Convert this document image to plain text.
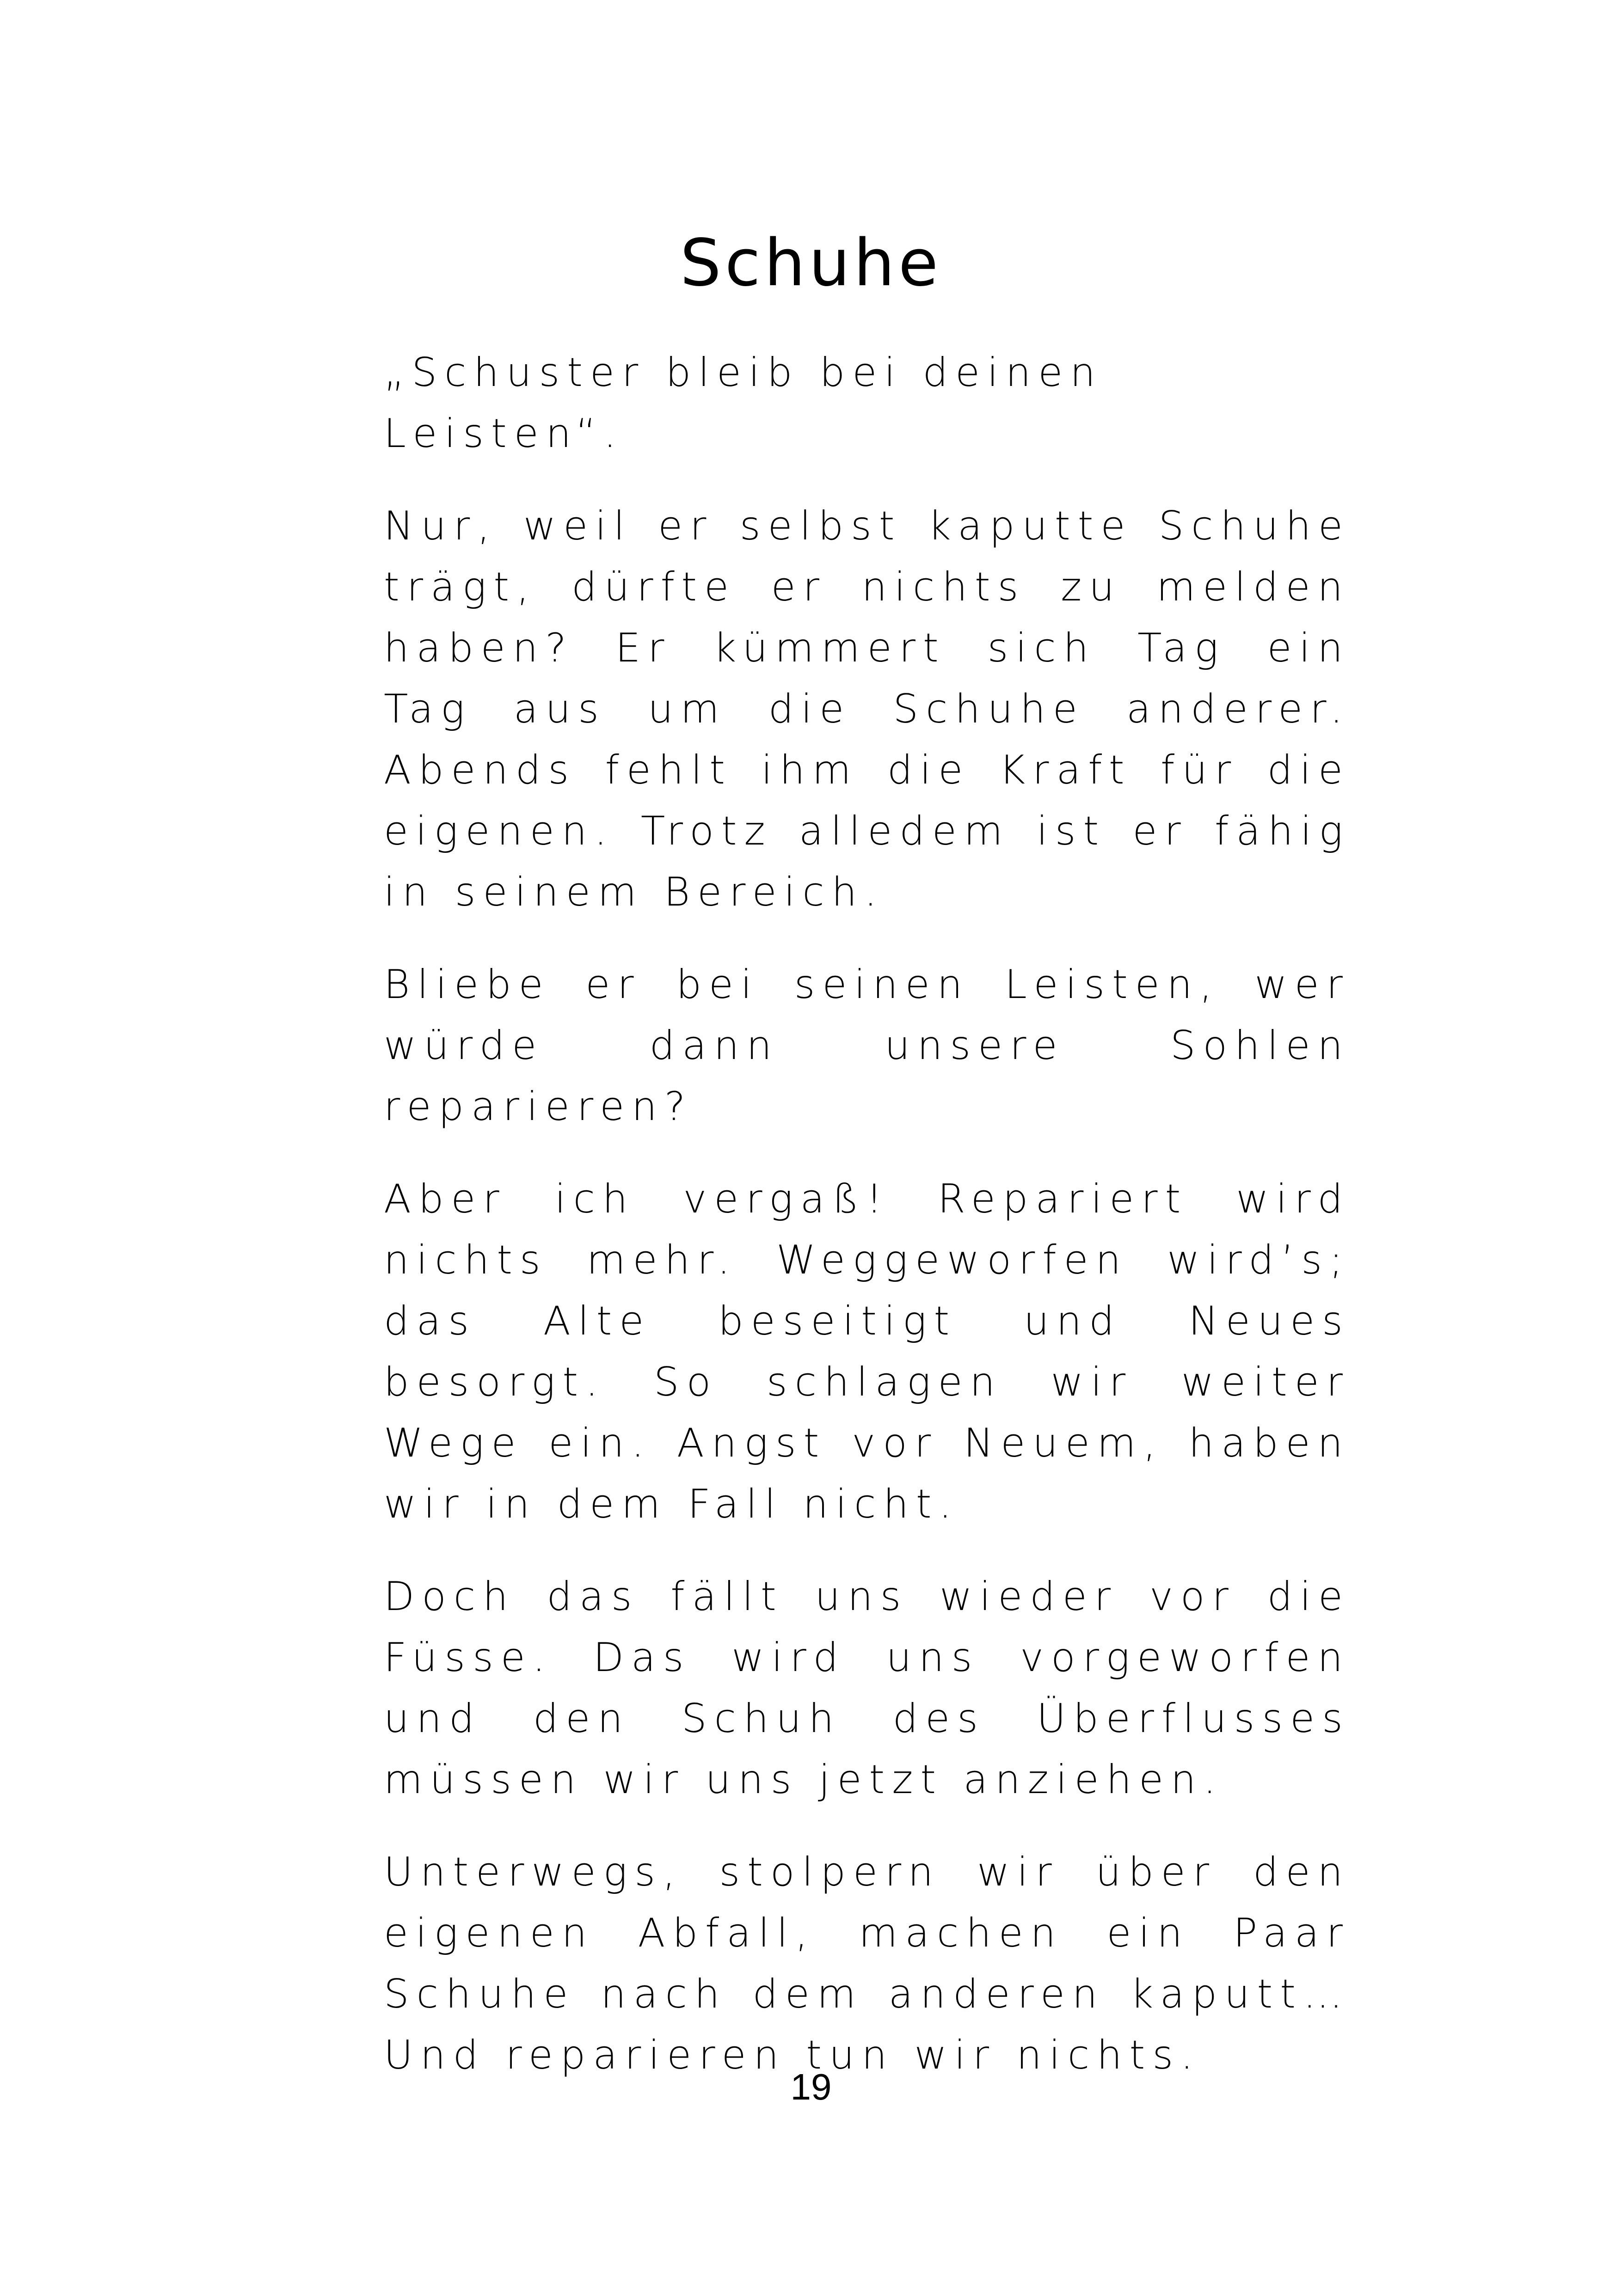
Schuhe

„Schuster bleib bei deinen Leisten“.

Nur, weil er selbst kaputte Schuhe trägt, dürfte er nichts zu melden haben? Er kümmert sich Tag ein Tag aus um die Schuhe anderer. Abends fehlt ihm die Kraft für die eigenen. Trotz alledem ist er fähig in seinem Bereich.

Bliebe er bei seinen Leisten, wer würde dann unsere Sohlen reparieren?

Aber ich vergaß! Repariert wird nichts mehr. Weggeworfen wird’s; das Alte beseitigt und Neues besorgt. So schlagen wir weiter Wege ein. Angst vor Neuem, haben wir in dem Fall nicht.

Doch das fällt uns wieder vor die Füsse. Das wird uns vorgeworfen und den Schuh des Überflusses müssen wir uns jetzt anziehen.

Unterwegs, stolpern wir über den eigenen Abfall, machen ein Paar Schuhe nach dem anderen kaputt… Und reparieren tun wir nichts.

19
